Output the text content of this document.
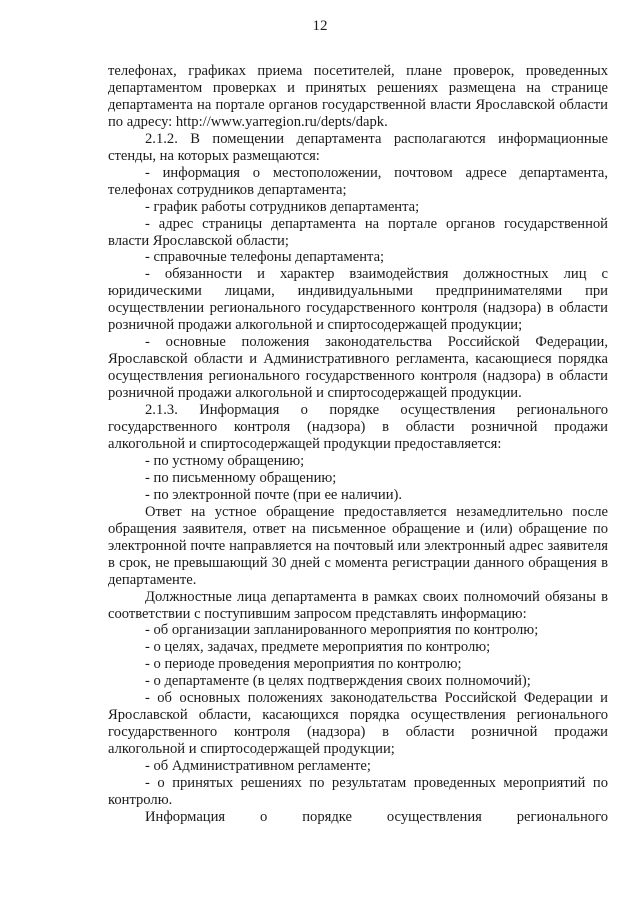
12

телефонах, графиках приема посетителей, плане проверок, проведенных департаментом проверках и принятых решениях размещена на странице департамента на портале органов государственной власти Ярославской области по адресу: http://www.yarregion.ru/depts/dapk.

2.1.2. В помещении департамента располагаются информационные стенды, на которых размещаются:

- информация о местоположении, почтовом адресе департамента, телефонах сотрудников департамента;

- график работы сотрудников департамента;

- адрес страницы департамента на портале органов государственной власти Ярославской области;

- справочные телефоны департамента;

- обязанности и характер взаимодействия должностных лиц с юридическими лицами, индивидуальными предпринимателями при осуществлении регионального государственного контроля (надзора) в области розничной продажи алкогольной и спиртосодержащей продукции;

- основные положения законодательства Российской Федерации, Ярославской области и Административного регламента, касающиеся порядка осуществления регионального государственного контроля (надзора) в области розничной продажи алкогольной и спиртосодержащей продукции.

2.1.3. Информация о порядке осуществления регионального государственного контроля (надзора) в области розничной продажи алкогольной и спиртосодержащей продукции предоставляется:

- по устному обращению;

- по письменному обращению;

- по электронной почте (при ее наличии).

Ответ на устное обращение предоставляется незамедлительно после обращения заявителя, ответ на письменное обращение и (или) обращение по электронной почте направляется на почтовый или электронный адрес заявителя в срок, не превышающий 30 дней с момента регистрации данного обращения в департаменте.

Должностные лица департамента в рамках своих полномочий обязаны в соответствии с поступившим запросом представлять информацию:

- об организации запланированного мероприятия по контролю;

- о целях, задачах, предмете мероприятия по контролю;

- о периоде проведения мероприятия по контролю;

- о департаменте (в целях подтверждения своих полномочий);

- об основных положениях законодательства Российской Федерации и Ярославской области, касающихся порядка осуществления регионального государственного контроля (надзора) в области розничной продажи алкогольной и спиртосодержащей продукции;

- об Административном регламенте;

- о принятых решениях по результатам проведенных мероприятий по контролю.

Информация о порядке осуществления регионального
